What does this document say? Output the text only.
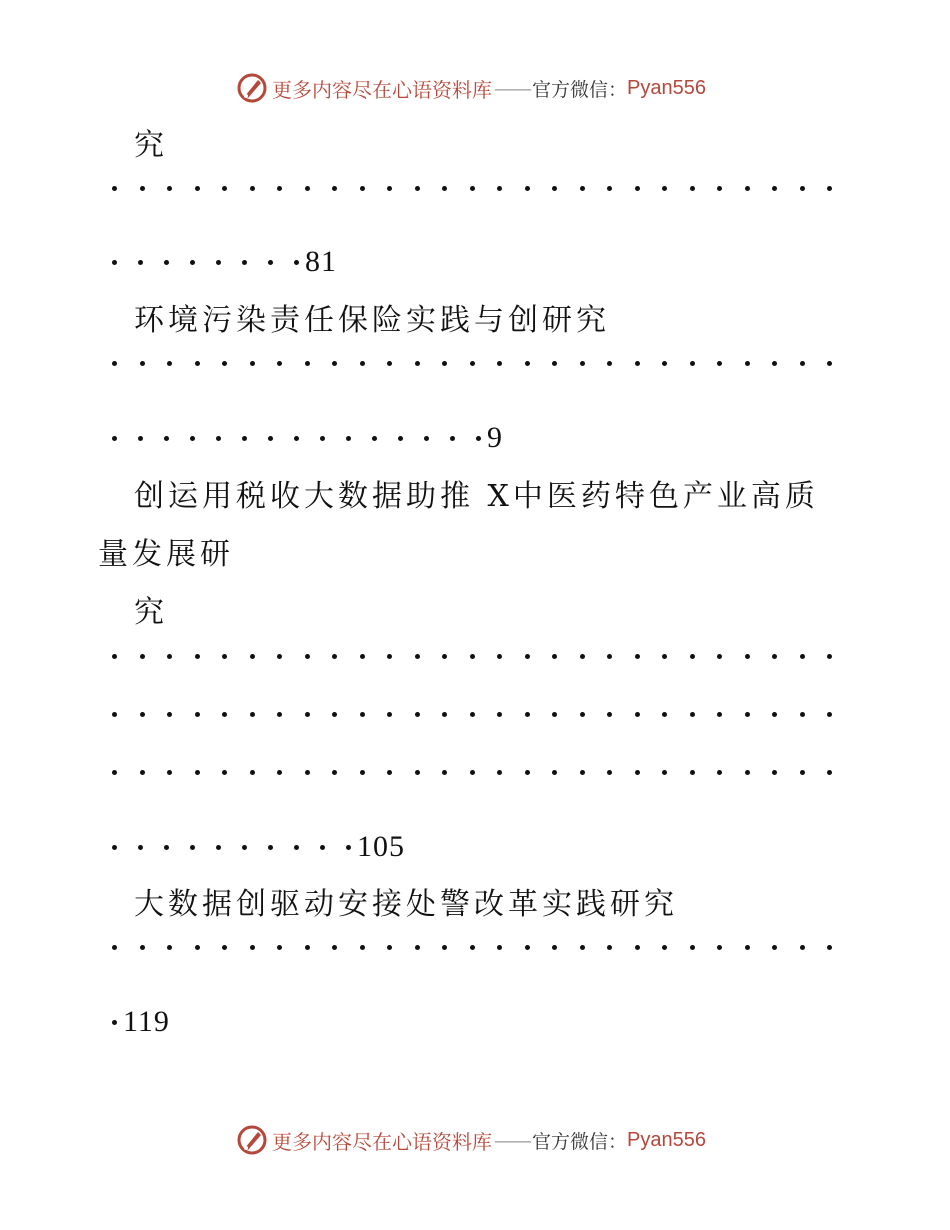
更多内容尽在心语资料库 —— 官方微信： Pyan556
究
81
环境污染责任保险实践与创研究
9
创运用税收大数据助推 X中医药特色产业高质
量发展研
究
105
大数据创驱动安接处警改革实践研究
119
更多内容尽在心语资料库 —— 官方微信： Pyan556
